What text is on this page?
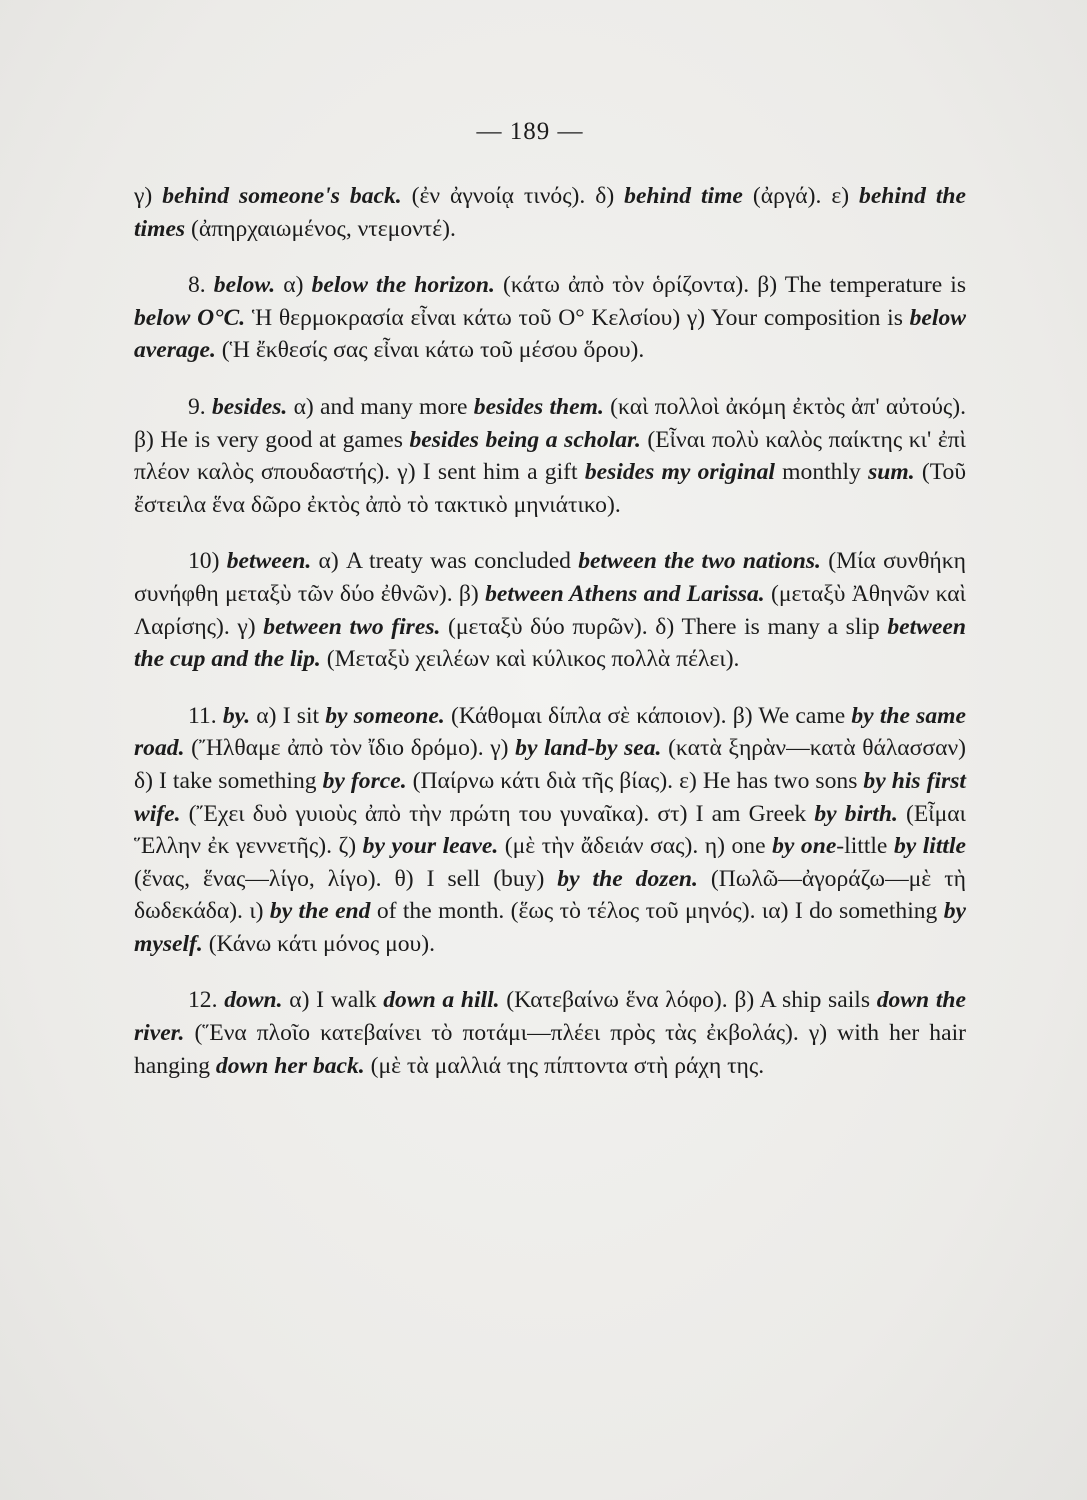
— 189 —

γ) behind someone's back. (ἐν ἀγνοίᾳ τινός). δ) behind time (ἀργά). ε) behind the times (ἀπηρχαιωμένος, ντεμοντέ).

8. below. α) below the horizon. (κάτω ἀπὸ τὸν ὁρίζοντα). β) The temperature is below O°C. Ἡ θερμοκρασία εἶναι κάτω τοῦ Ο° Κελσίου) γ) Your composition is below average. (Ἡ ἔκθεσίς σας εἶναι κάτω τοῦ μέσου ὅρου).

9. besides. α) and many more besides them. (καὶ πολλοὶ ἀκόμη ἐκτὸς ἀπ' αὐτούς). β) He is very good at games besides being a scholar. (Εἶναι πολὺ καλὸς παίκτης κι' ἐπὶ πλέον καλὸς σπουδαστής). γ) I sent him a gift besides my original monthly sum. (Τοῦ ἔστειλα ἕνα δῶρο ἐκτὸς ἀπὸ τὸ τακτικὸ μηνιάτικο).

10) between. α) A treaty was concluded between the two nations. (Μία συνθήκη συνήφθη μεταξὺ τῶν δύο ἐθνῶν). β) between Athens and Larissa. (μεταξὺ Ἀθηνῶν καὶ Λαρίσης). γ) between two fires. (μεταξὺ δύο πυρῶν). δ) There is many a slip between the cup and the lip. (Μεταξὺ χειλέων καὶ κύλικος πολλὰ πέλει).

11. by. α) I sit by someone. (Κάθομαι δίπλα σὲ κάποιον). β) We came by the same road. (Ἤλθαμε ἀπὸ τὸν ἴδιο δρόμο). γ) by land-by sea. (κατὰ ξηρὰν—κατὰ θάλασσαν) δ) I take something by force. (Παίρνω κάτι διὰ τῆς βίας). ε) He has two sons by his first wife. (Ἔχει δυὸ γυιοὺς ἀπὸ τὴν πρώτη του γυναῖκα). στ) I am Greek by birth. (Εἶμαι Ἕλλην ἐκ γεννετῆς). ζ) by your leave. (μὲ τὴν ἄδειάν σας). η) one by one-little by little (ἕνας, ἕνας—λίγο, λίγο). θ) I sell (buy) by the dozen. (Πωλῶ—ἀγοράζω—μὲ τὴ δωδεκάδα). ι) by the end of the month. (ἕως τὸ τέλος τοῦ μηνός). ια) I do something by myself. (Κάνω κάτι μόνος μου).

12. down. α) I walk down a hill. (Κατεβαίνω ἕνα λόφο). β) A ship sails down the river. (Ἕνα πλοῖο κατεβαίνει τὸ ποτάμι—πλέει πρὸς τὰς ἐκβολάς). γ) with her hair hanging down her back. (μὲ τὰ μαλλιά της πίπτοντα στὴ ράχη της.
